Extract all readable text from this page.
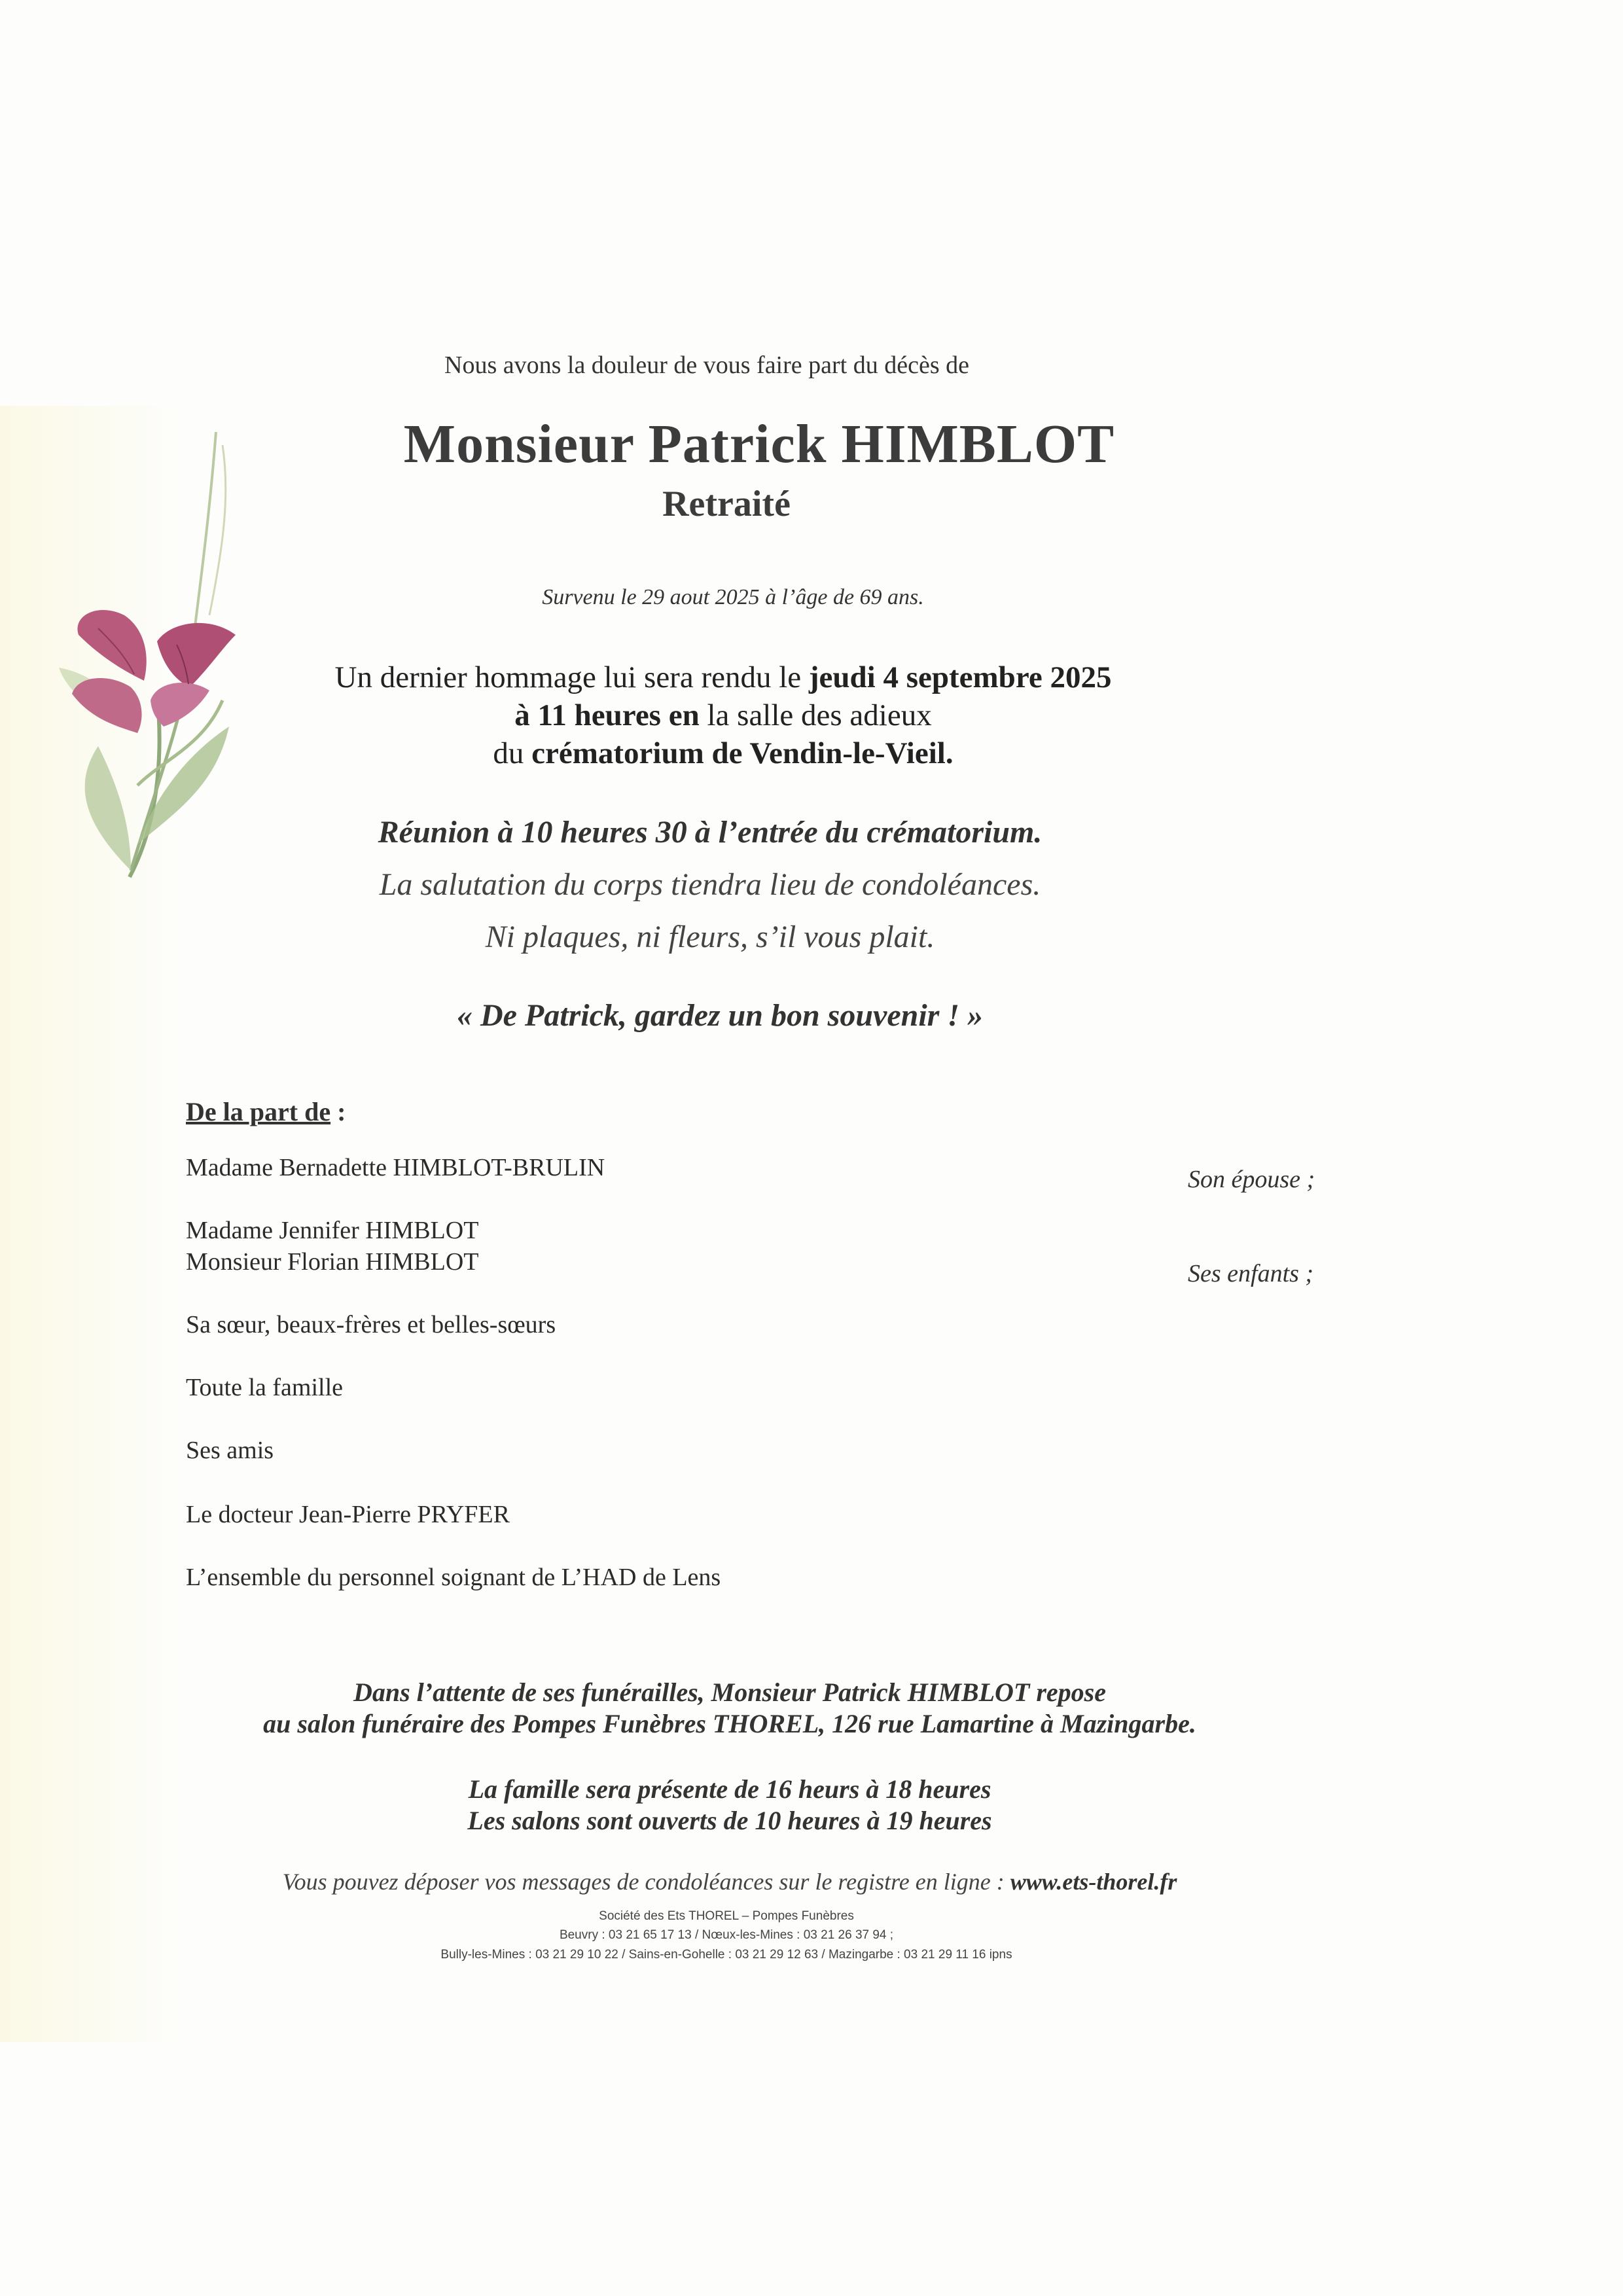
Nous avons la douleur de vous faire part du décès de
Monsieur Patrick HIMBLOT
Retraité
Survenu le 29 aout 2025 à l’âge de 69 ans.
Un dernier hommage lui sera rendu le jeudi 4 septembre 2025
à 11 heures en la salle des adieux
du crématorium de Vendin-le-Vieil.
Réunion à 10 heures 30 à l’entrée du crématorium.
La salutation du corps tiendra lieu de condoléances.
Ni plaques, ni fleurs, s’il vous plait.
« De Patrick, gardez un bon souvenir ! »
De la part de :
Madame Bernadette HIMBLOT-BRULIN
Madame Jennifer HIMBLOT
Monsieur Florian HIMBLOT
Sa sœur, beaux-frères et belles-sœurs
Toute la famille
Ses amis
Le docteur Jean-Pierre PRYFER
L’ensemble du personnel soignant de L’HAD de Lens
Son épouse ;
Ses enfants ;
Dans l’attente de ses funérailles, Monsieur Patrick HIMBLOT repose
au salon funéraire des Pompes Funèbres THOREL, 126 rue Lamartine à Mazingarbe.
La famille sera présente de 16 heurs à 18 heures
Les salons sont ouverts de 10 heures à 19 heures
Vous pouvez déposer vos messages de condoléances sur le registre en ligne : www.ets-thorel.fr
Société des Ets THOREL – Pompes Funèbres
Beuvry : 03 21 65 17 13 / Nœux-les-Mines : 03 21 26 37 94 ;
Bully-les-Mines : 03 21 29 10 22 / Sains-en-Gohelle : 03 21 29 12 63 / Mazingarbe : 03 21 29 11 16 ipns
